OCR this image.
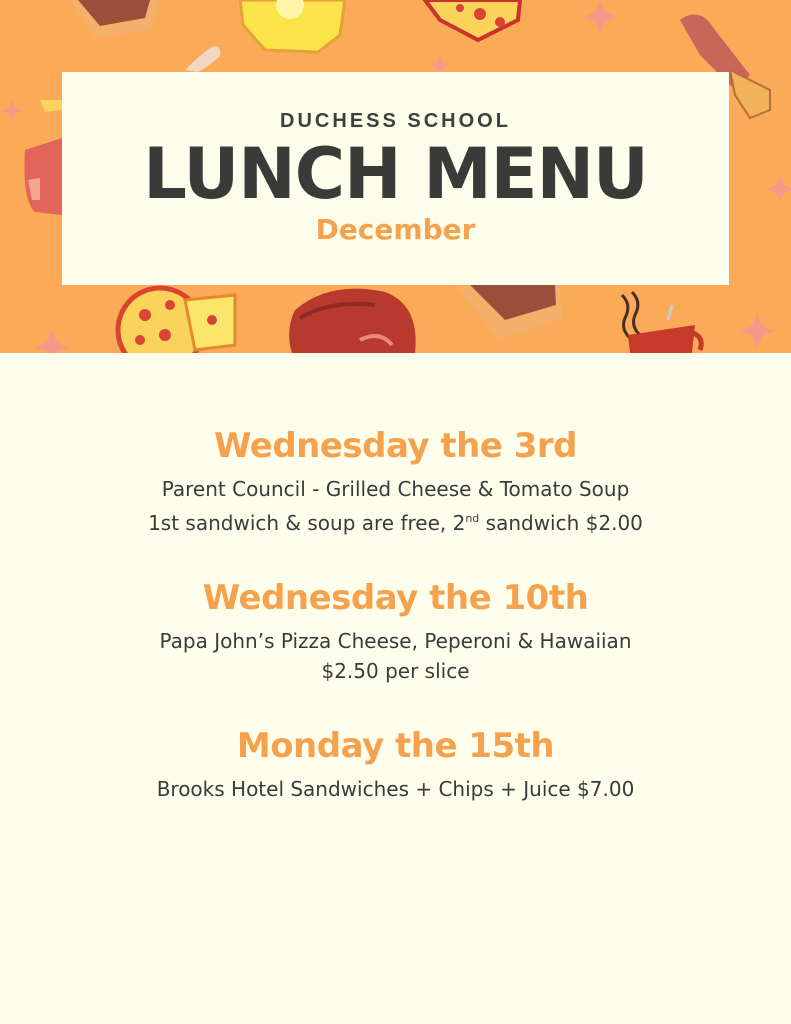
DUCHESS SCHOOL
LUNCH MENU
December
Wednesday the 3rd
Parent Council - Grilled Cheese & Tomato Soup
1st sandwich & soup are free, 2nd sandwich $2.00
Wednesday the 10th
Papa John’s Pizza Cheese, Peperoni & Hawaiian
$2.50 per slice
Monday the 15th
Brooks Hotel Sandwiches + Chips + Juice $7.00
